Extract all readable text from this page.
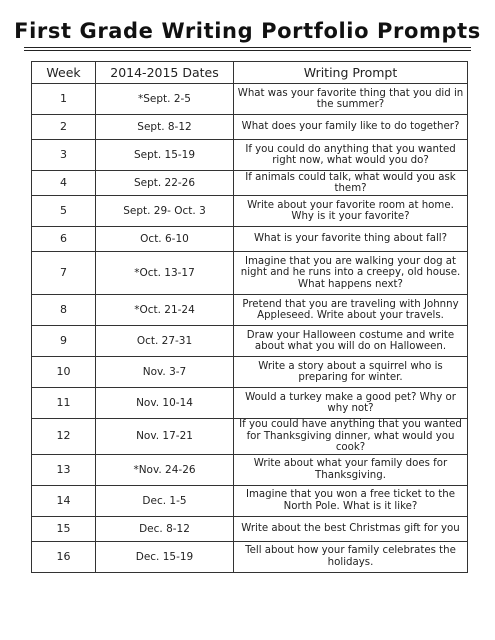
First Grade Writing Portfolio Prompts
Week	2014-2015 Dates	Writing Prompt
1	*Sept. 2-5	What was your favorite thing that you did in the summer?
2	Sept. 8-12	What does your family like to do together?
3	Sept. 15-19	If you could do anything that you wanted right now, what would you do?
4	Sept. 22-26	If animals could talk, what would you ask them?
5	Sept. 29- Oct. 3	Write about your favorite room at home. Why is it your favorite?
6	Oct. 6-10	What is your favorite thing about fall?
7	*Oct. 13-17	Imagine that you are walking your dog at night and he runs into a creepy, old house. What happens next?
8	*Oct. 21-24	Pretend that you are traveling with Johnny Appleseed. Write about your travels.
9	Oct. 27-31	Draw your Halloween costume and write about what you will do on Halloween.
10	Nov. 3-7	Write a story about a squirrel who is preparing for winter.
11	Nov. 10-14	Would a turkey make a good pet? Why or why not?
12	Nov. 17-21	If you could have anything that you wanted for Thanksgiving dinner, what would you cook?
13	*Nov. 24-26	Write about what your family does for Thanksgiving.
14	Dec. 1-5	Imagine that you won a free ticket to the North Pole. What is it like?
15	Dec. 8-12	Write about the best Christmas gift for you
16	Dec. 15-19	Tell about how your family celebrates the holidays.
